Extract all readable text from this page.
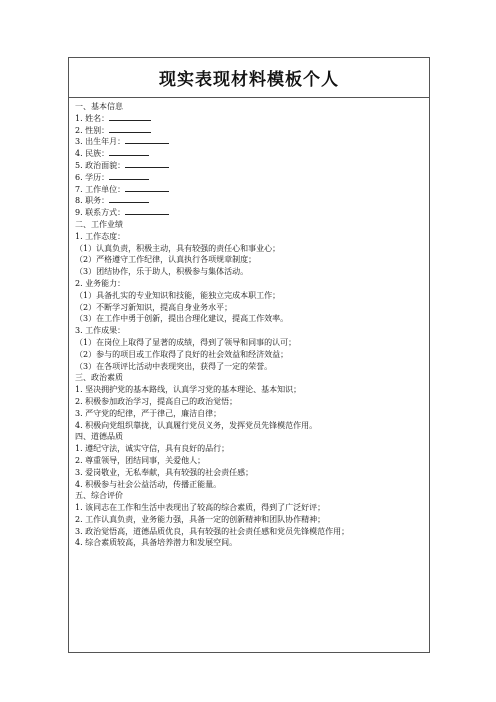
现实表现材料模板个人
一、基本信息
1. 姓名：
2. 性别：
3. 出生年月：
4. 民族：
5. 政治面貌：
6. 学历：
7. 工作单位：
8. 职务：
9. 联系方式：
二、工作业绩
1. 工作态度：
（1）认真负责，积极主动，具有较强的责任心和事业心；
（2）严格遵守工作纪律，认真执行各项规章制度；
（3）团结协作，乐于助人，积极参与集体活动。
2. 业务能力：
（1）具备扎实的专业知识和技能，能独立完成本职工作；
（2）不断学习新知识，提高自身业务水平；
（3）在工作中勇于创新，提出合理化建议，提高工作效率。
3. 工作成果：
（1）在岗位上取得了显著的成绩，得到了领导和同事的认可；
（2）参与的项目或工作取得了良好的社会效益和经济效益；
（3）在各项评比活动中表现突出，获得了一定的荣誉。
三、政治素质
1. 坚决拥护党的基本路线，认真学习党的基本理论、基本知识；
2. 积极参加政治学习，提高自己的政治觉悟；
3. 严守党的纪律，严于律己，廉洁自律；
4. 积极向党组织靠拢，认真履行党员义务，发挥党员先锋模范作用。
四、道德品质
1. 遵纪守法，诚实守信，具有良好的品行；
2. 尊重领导，团结同事，关爱他人；
3. 爱岗敬业，无私奉献，具有较强的社会责任感；
4. 积极参与社会公益活动，传播正能量。
五、综合评价
1. 该同志在工作和生活中表现出了较高的综合素质，得到了广泛好评；
2. 工作认真负责，业务能力强，具备一定的创新精神和团队协作精神；
3. 政治觉悟高，道德品质优良，具有较强的社会责任感和党员先锋模范作用；
4. 综合素质较高，具备培养潜力和发展空间。
